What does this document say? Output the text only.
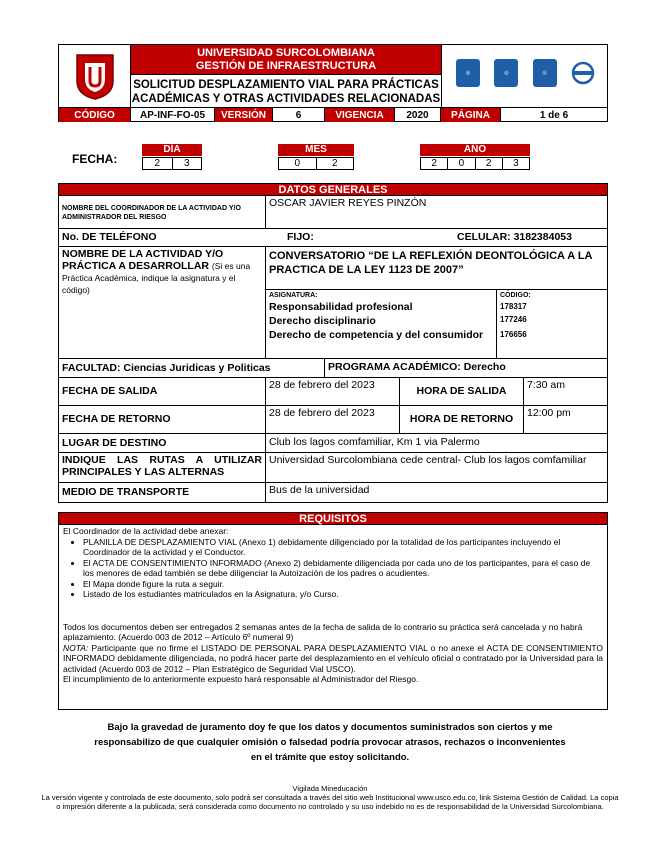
UNIVERSIDAD SURCOLOMBIANA
GESTIÓN DE INFRAESTRUCTURA
SOLICITUD DESPLAZAMIENTO VIAL PARA PRÁCTICAS
ACADÉMICAS Y OTRAS ACTIVIDADES RELACIONADAS
◎
	◎
	◎

CÓDIGO	AP-INF-FO-05	VERSIÓN	6	VIGENCIA	2020	PÁGINA	1 de 6
FECHA:
DÍA
2	3
MES
0	2
AÑO
2	0	2	3
DATOS GENERALES
NOMBRE DEL COORDINADOR DE LA ACTIVIDAD Y/O ADMINISTRADOR DEL RIESGO
OSCAR JAVIER REYES PINZÓN
No. DE TELÉFONO	FIJO:	CELULAR: 3182384053
NOMBRE DE LA ACTIVIDAD Y/O PRÁCTICA A DESARROLLAR (Si es una Práctica Académica, indique la asignatura y el código)
CONVERSATORIO “DE LA REFLEXIÓN DEONTOLÓGICA A LA PRACTICA DE LA LEY 1123 DE 2007”
ASIGNATURA:
Responsabilidad profesional
Derecho disciplinario
Derecho de competencia y del consumidor
CÓDIGO:
178317
177246
176656
FACULTAD: Ciencias Juridicas y Politicas	PROGRAMA ACADÉMICO: Derecho
FECHA DE SALIDA	28 de febrero del 2023	HORA DE SALIDA	7:30 am
FECHA DE RETORNO	28 de febrero del 2023	HORA DE RETORNO	12:00 pm
LUGAR DE DESTINO	Club los lagos comfamiliar, Km 1 via Palermo
INDIQUE LAS RUTAS A UTILIZAR PRINCIPALES Y LAS ALTERNAS
Universidad Surcolombiana cede central- Club los lagos comfamiliar
MEDIO DE TRANSPORTE	Bus de la universidad
REQUISITOS
El Coordinador de la actividad debe anexar:
• PLANILLA DE DESPLAZAMIENTO VIAL (Anexo 1) debidamente diligenciado por la totalidad de los participantes incluyendo el Coordinador de la actividad y el Conductor.
• El ACTA DE CONSENTIMIENTO INFORMADO (Anexo 2) debidamente diligenciada por cada uno de los participantes, para el caso de los menores de edad también se debe diligenciar la Autoización de los padres o acudientes.
• El Mapa donde figure la ruta a seguir.
• Listado de los estudiantes matriculados en la Asignatura. y/o Curso.
Todos los documentos deben ser entregados 2 semanas antes de la fecha de salida de lo contrario su práctica será cancelada y no habrá aplazamiento. (Acuerdo 003 de 2012 – Artículo 6º numeral 9)
NOTA: Participante que no firme el LISTADO DE PERSONAL PARA DESPLAZAMIENTO VIAL o no anexe el ACTA DE CONSENTIMIENTO INFORMADO debidamente diligenciada, no podrá hacer parte del desplazamiento en el vehículo oficial o contratado por la Universidad para la actividad (Acuerdo 003 de 2012 – Plan Estratégico de Seguridad Vial USCO).
El incumplimiento de lo anteriormente expuesto hará responsable al Administrador del Riesgo.
Bajo la gravedad de juramento doy fe que los datos y documentos suministrados son ciertos y me responsabilizo de que cualquier omisión o falsedad podría provocar atrasos, rechazos o inconvenientes en el trámite que estoy solicitando.
Vigilada Mineducación
La versión vigente y controlada de este documento, solo podrá ser consultada a través del sitio web Institucional www.usco.edu.co, link Sistema Gestión de Calidad. La copia o impresión diferente a la publicada, será considerada como documento no controlado y su uso indebido no es de responsabilidad de la Universidad Surcolombiana.
